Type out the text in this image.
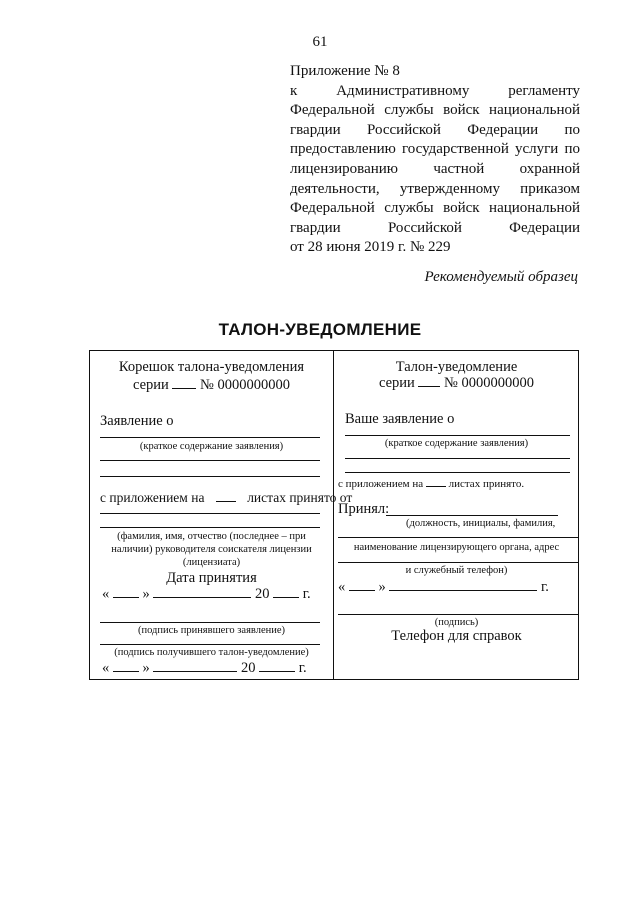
61
Приложение № 8
к Административному регламенту
Федеральной службы войск национальной
гвардии Российской Федерации по
предоставлению государственной услуги по
лицензированию частной охранной
деятельности, утвержденному приказом
Федеральной службы войск национальной
гвардии Российской Федерации
от 28 июня 2019 г. № 229
Рекомендуемый образец
ТАЛОН-УВЕДОМЛЕНИЕ
Корешок талона-уведомления
серии № 0000000000
Заявление о
(краткое содержание заявления)
с приложением на	листах принято от
(фамилия, имя, отчество (последнее – при
наличии) руководителя соискателя лицензии
(лицензиата)
Дата принятия
« »	20 г.
(подпись принявшего заявление)
(подпись получившего талон-уведомление)
« »	20	г.
Талон-уведомление
серии № 0000000000
Ваше заявление о
(краткое содержание заявления)
с приложением на листах принято.
Принял:
(должность, инициалы, фамилия,
наименование лицензирующего органа, адрес
и служебный телефон)
« »	г.
(подпись)
Телефон для справок
